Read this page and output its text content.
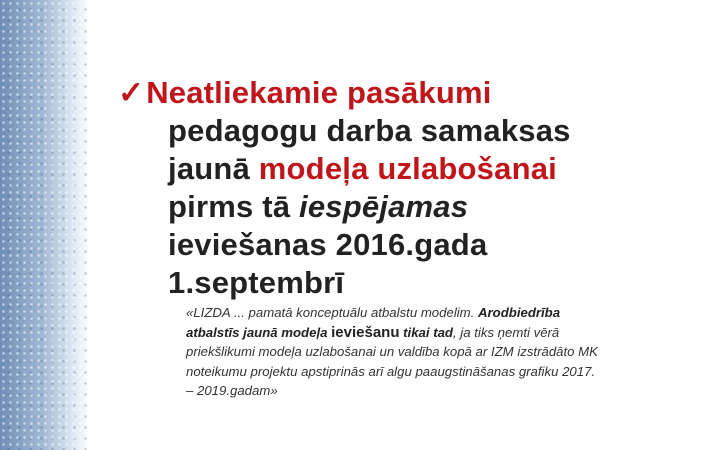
✓Neatliekamie pasākumi
pedagogu darba samaksas
jaunā modeļa uzlabošanai
pirms tā iespējamas
ieviešanas 2016.gada
1.septembrī
«LIZDA ... pamatā konceptuālu atbalstu modelim. Arodbiedrība
atbalstīs jaunā modeļa ieviešanu tikai tad, ja tiks ņemti vērā
priekšlikumi modeļa uzlabošanai un valdība kopā ar IZM izstrādāto MK
noteikumu projektu apstiprinās arī algu paaugstināšanas grafiku 2017.
– 2019.gadam»
